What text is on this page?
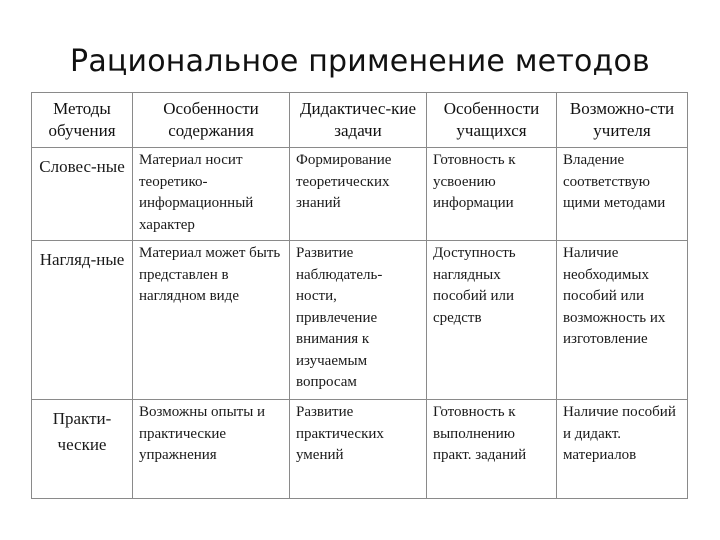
Рациональное применение методов
Методы обучения	Особенности содержания	Дидактичес-кие задачи	Особенности учащихся	Возможно-сти учителя
Словес-ные	Материал носит теоретико-информационный характер	Формирование теоретических знаний	Готовность к усвоению информации	Владение соответствую щими методами
Нагляд-ные	Материал может быть представлен в наглядном виде	Развитие наблюдатель-ности, привлечение внимания к изучаемым вопросам	Доступность наглядных пособий или средств	Наличие необходимых пособий или возможность их изготовление
Практи-ческие	Возможны опыты и практические упражнения	Развитие практических умений	Готовность к выполнению практ. заданий	Наличие пособий и дидакт. материалов
